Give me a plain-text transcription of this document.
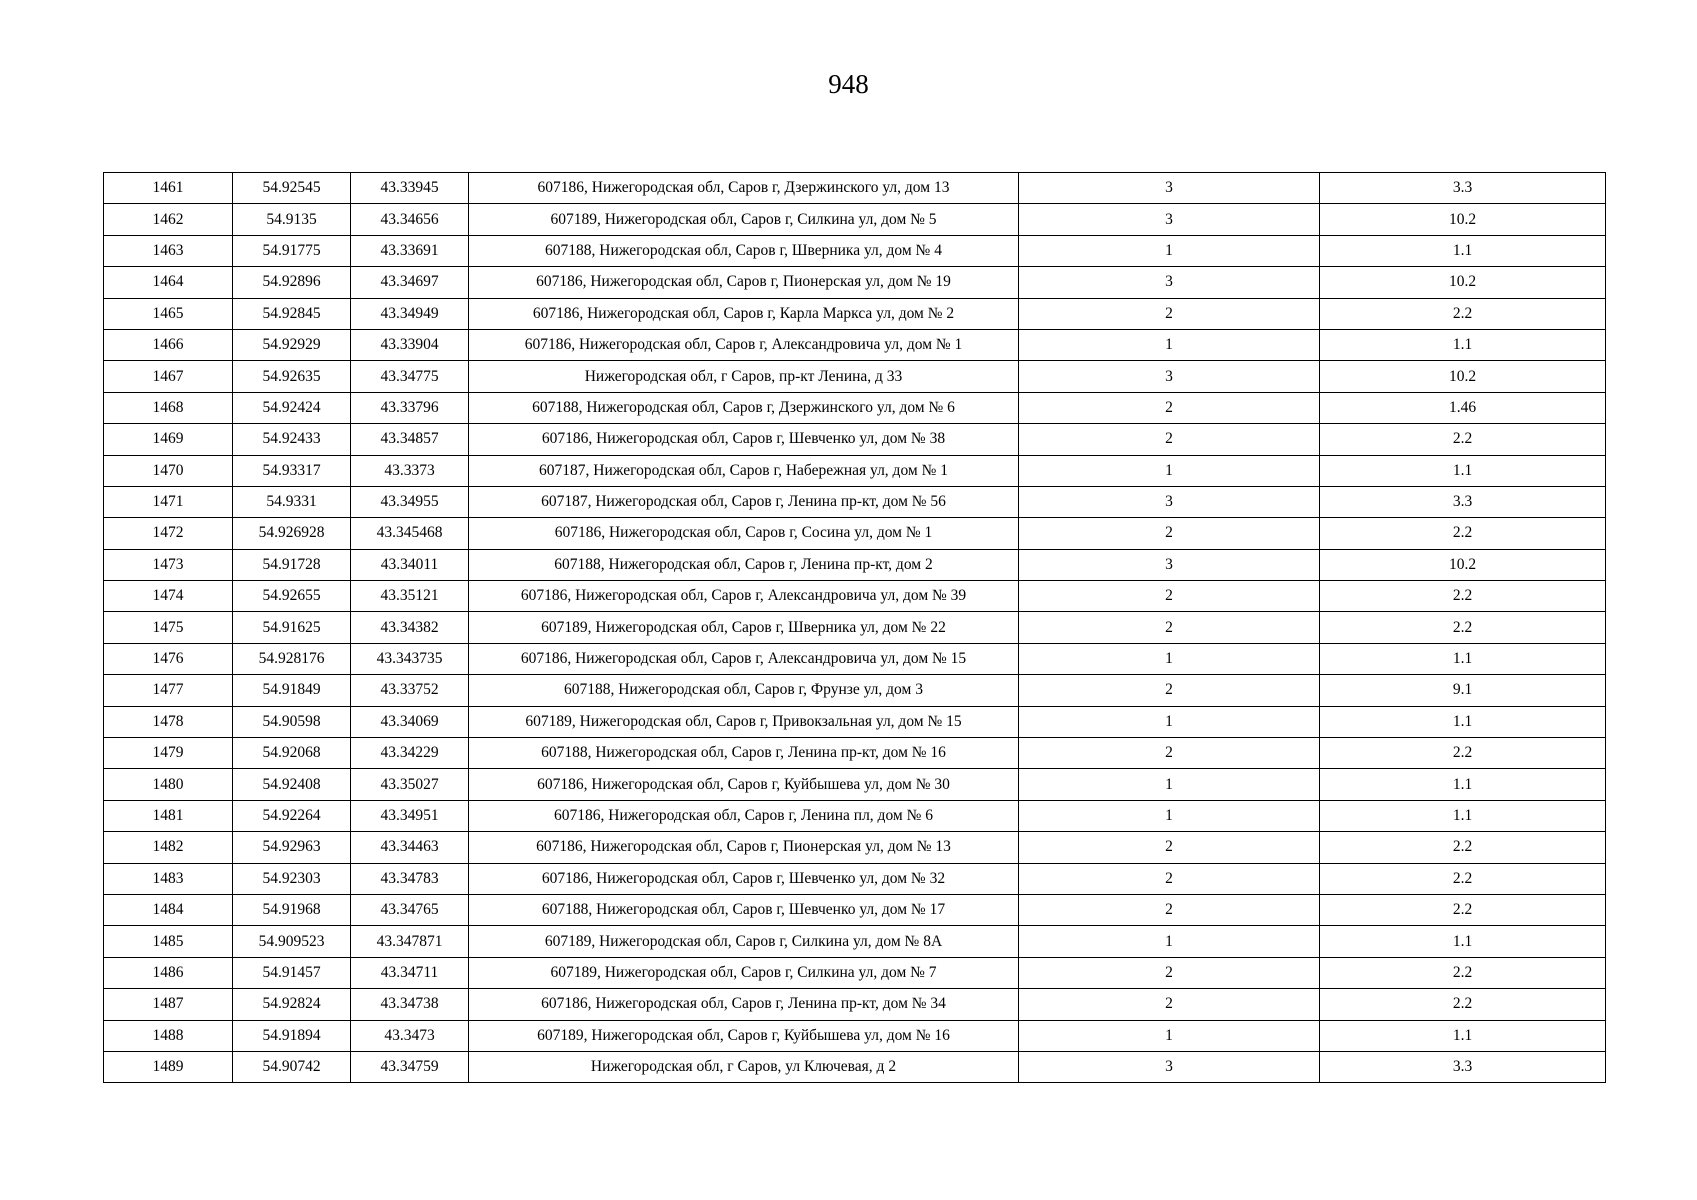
948
1461	54.92545	43.33945	607186, Нижегородская обл, Саров г, Дзержинского ул, дом 13	3	3.3
1462	54.9135	43.34656	607189, Нижегородская обл, Саров г, Силкина ул, дом № 5	3	10.2
1463	54.91775	43.33691	607188, Нижегородская обл, Саров г, Шверника ул, дом № 4	1	1.1
1464	54.92896	43.34697	607186, Нижегородская обл, Саров г, Пионерская ул, дом № 19	3	10.2
1465	54.92845	43.34949	607186, Нижегородская обл, Саров г, Карла Маркса ул, дом № 2	2	2.2
1466	54.92929	43.33904	607186, Нижегородская обл, Саров г, Александровича ул, дом № 1	1	1.1
1467	54.92635	43.34775	Нижегородская обл, г Саров, пр-кт Ленина, д 33	3	10.2
1468	54.92424	43.33796	607188, Нижегородская обл, Саров г, Дзержинского ул, дом № 6	2	1.46
1469	54.92433	43.34857	607186, Нижегородская обл, Саров г, Шевченко ул, дом № 38	2	2.2
1470	54.93317	43.3373	607187, Нижегородская обл, Саров г, Набережная ул, дом № 1	1	1.1
1471	54.9331	43.34955	607187, Нижегородская обл, Саров г, Ленина пр-кт, дом № 56	3	3.3
1472	54.926928	43.345468	607186, Нижегородская обл, Саров г, Сосина ул, дом № 1	2	2.2
1473	54.91728	43.34011	607188, Нижегородская обл, Саров г, Ленина пр-кт, дом 2	3	10.2
1474	54.92655	43.35121	607186, Нижегородская обл, Саров г, Александровича ул, дом № 39	2	2.2
1475	54.91625	43.34382	607189, Нижегородская обл, Саров г, Шверника ул, дом № 22	2	2.2
1476	54.928176	43.343735	607186, Нижегородская обл, Саров г, Александровича ул, дом № 15	1	1.1
1477	54.91849	43.33752	607188, Нижегородская обл, Саров г, Фрунзе ул, дом 3	2	9.1
1478	54.90598	43.34069	607189, Нижегородская обл, Саров г, Привокзальная ул, дом № 15	1	1.1
1479	54.92068	43.34229	607188, Нижегородская обл, Саров г, Ленина пр-кт, дом № 16	2	2.2
1480	54.92408	43.35027	607186, Нижегородская обл, Саров г, Куйбышева ул, дом № 30	1	1.1
1481	54.92264	43.34951	607186, Нижегородская обл, Саров г, Ленина пл, дом № 6	1	1.1
1482	54.92963	43.34463	607186, Нижегородская обл, Саров г, Пионерская ул, дом № 13	2	2.2
1483	54.92303	43.34783	607186, Нижегородская обл, Саров г, Шевченко ул, дом № 32	2	2.2
1484	54.91968	43.34765	607188, Нижегородская обл, Саров г, Шевченко ул, дом № 17	2	2.2
1485	54.909523	43.347871	607189, Нижегородская обл, Саров г, Силкина ул, дом № 8А	1	1.1
1486	54.91457	43.34711	607189, Нижегородская обл, Саров г, Силкина ул, дом № 7	2	2.2
1487	54.92824	43.34738	607186, Нижегородская обл, Саров г, Ленина пр-кт, дом № 34	2	2.2
1488	54.91894	43.3473	607189, Нижегородская обл, Саров г, Куйбышева ул, дом № 16	1	1.1
1489	54.90742	43.34759	Нижегородская обл, г Саров, ул Ключевая, д 2	3	3.3
